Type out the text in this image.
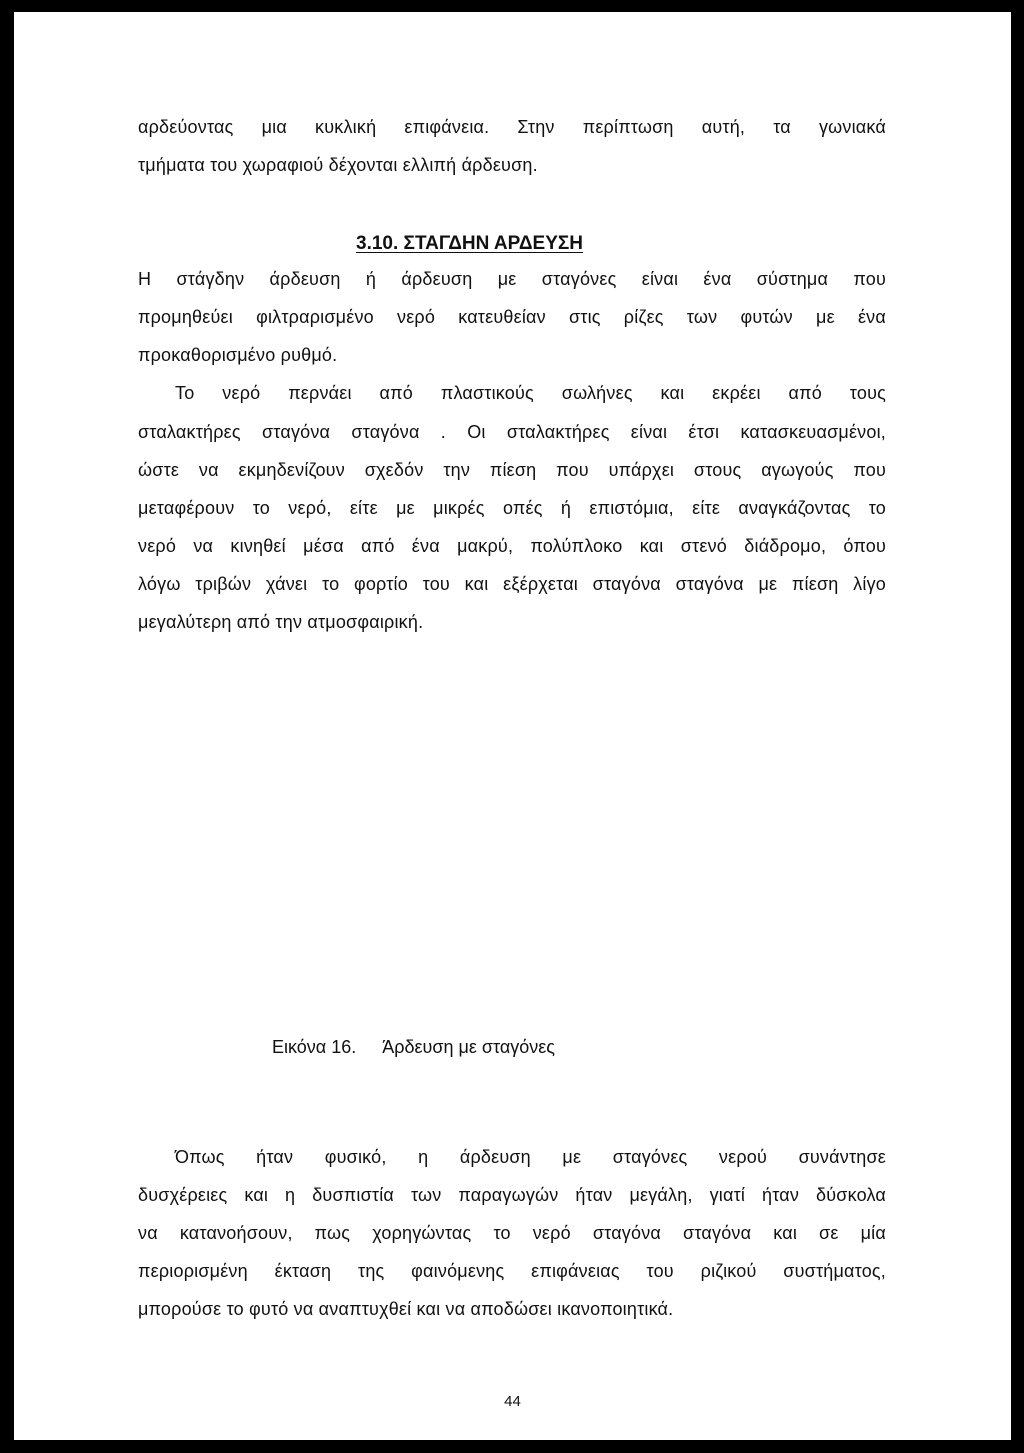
αρδεύοντας μια κυκλική επιφάνεια. Στην περίπτωση αυτή, τα γωνιακά
τμήματα του χωραφιού δέχονται ελλιπή άρδευση.
3.10. ΣΤΑΓΔΗΝ ΑΡΔΕΥΣΗ
Η στάγδην άρδευση ή άρδευση με σταγόνες είναι ένα σύστημα που
προμηθεύει φιλτραρισμένο νερό κατευθείαν στις ρίζες των φυτών με ένα
προκαθορισμένο ρυθμό.
Το νερό περνάει από πλαστικούς σωλήνες και εκρέει από τους
σταλακτήρες σταγόνα σταγόνα . Οι σταλακτήρες είναι έτσι κατασκευασμένοι,
ώστε να εκμηδενίζουν σχεδόν την πίεση που υπάρχει στους αγωγούς που
μεταφέρουν το νερό, είτε με μικρές οπές ή επιστόμια, είτε αναγκάζοντας το
νερό να κινηθεί μέσα από ένα μακρύ, πολύπλοκο και στενό διάδρομο, όπου
λόγω τριβών χάνει το φορτίο του και εξέρχεται σταγόνα σταγόνα με πίεση λίγο
μεγαλύτερη από την ατμοσφαιρική.
Εικόνα 16. Άρδευση με σταγόνες
Όπως ήταν φυσικό, η άρδευση με σταγόνες νερού συνάντησε
δυσχέρειες και η δυσπιστία των παραγωγών ήταν μεγάλη, γιατί ήταν δύσκολα
να κατανοήσουν, πως χορηγώντας το νερό σταγόνα σταγόνα και σε μία
περιορισμένη έκταση της φαινόμενης επιφάνειας του ριζικού συστήματος,
μπορούσε το φυτό να αναπτυχθεί και να αποδώσει ικανοποιητικά.
44
